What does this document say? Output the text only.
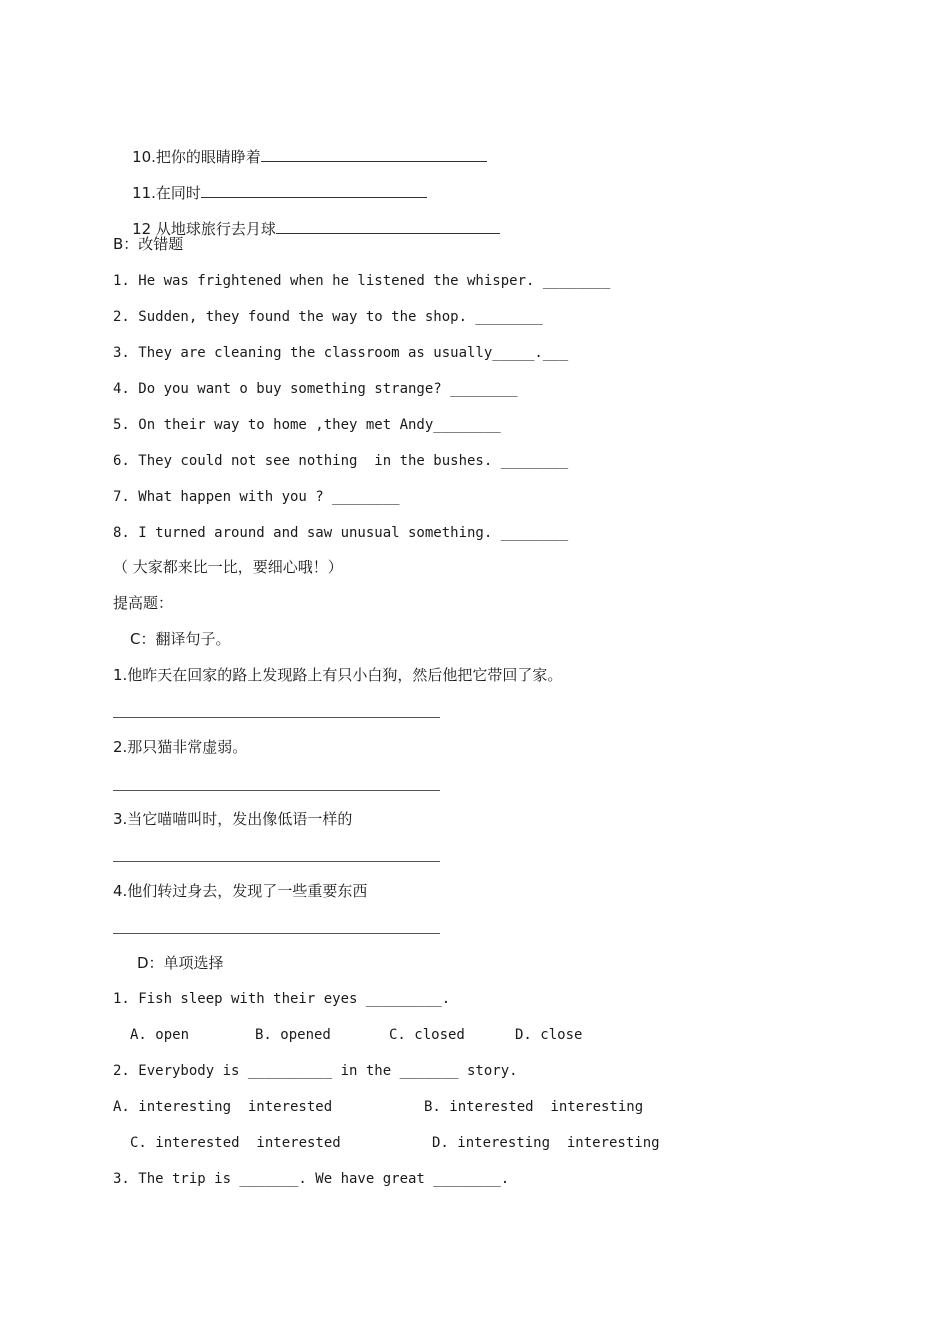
10.把你的眼睛睁着

11.在同时

12 从地球旅行去月球

B：改错题
1. He was frightened when he listened the whisper. ________
2. Sudden, they found the way to the shop. ________
3. They are cleaning the classroom as usually_____.___
4. Do you want o buy something strange? ________
5. On their way to home ,they met Andy________
6. They could not see nothing  in the bushes. ________
7. What happen with you ? ________
8. I turned around and saw unusual something. ________
（ 大家都来比一比，要细心哦！）
提高题：
C：翻译句子。
1.他昨天在回家的路上发现路上有只小白狗，然后他把它带回了家。
2.那只猫非常虚弱。
3.当它喵喵叫时，发出像低语一样的
4.他们转过身去，发现了一些重要东西
D：单项选择
1. Fish sleep with their eyes _________.
A. open	B. opened	C. closed	D. close
2. Everybody is __________ in the _______ story.
A. interesting  interested	B. interested  interesting
C. interested  interested	D. interesting  interesting
3. The trip is _______. We have great ________.
